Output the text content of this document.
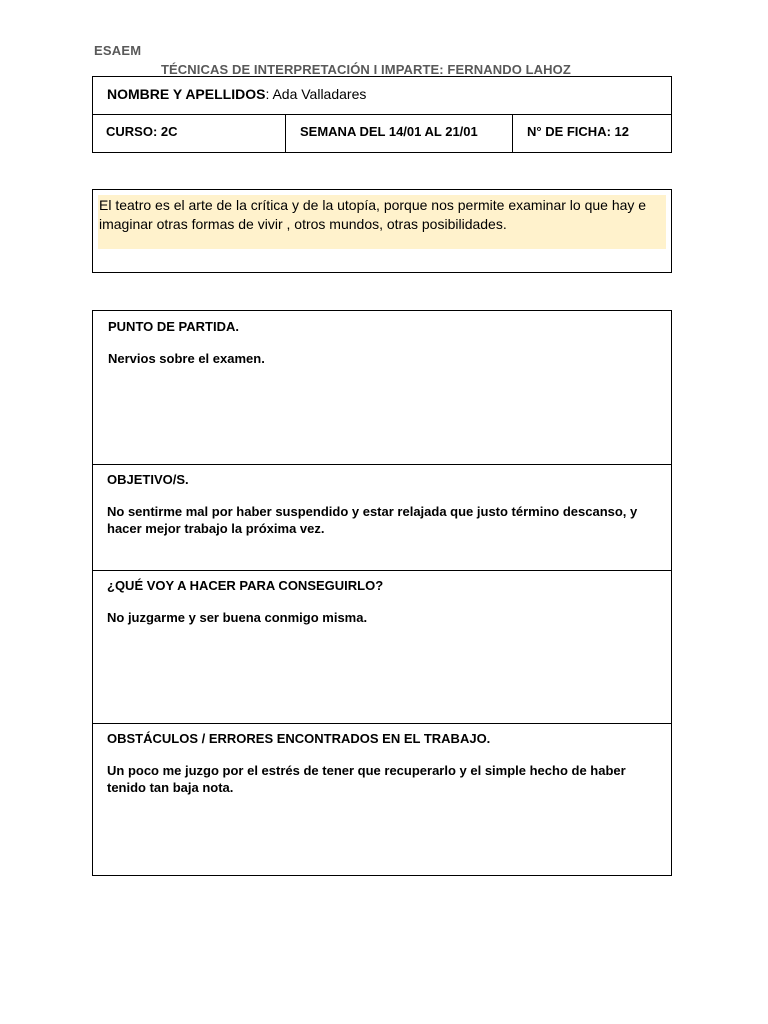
ESAEM
TÉCNICAS DE INTERPRETACIÓN I IMPARTE: FERNANDO LAHOZ
NOMBRE Y APELLIDOS: Ada Valladares
CURSO: 2C	SEMANA DEL 14/01 AL 21/01	N° DE FICHA: 12
El teatro es el arte de la crítica y de la utopía, porque nos permite examinar lo que hay e imaginar otras formas de vivir , otros mundos, otras posibilidades.
PUNTO DE PARTIDA.
Nervios sobre el examen.
OBJETIVO/S.
No sentirme mal por haber suspendido y estar relajada que justo término descanso, y hacer mejor trabajo la próxima vez.
¿QUÉ VOY A HACER PARA CONSEGUIRLO?
No juzgarme y ser buena conmigo misma.
OBSTÁCULOS / ERRORES ENCONTRADOS EN EL TRABAJO.
Un poco me juzgo por el estrés de tener que recuperarlo y el simple hecho de haber tenido tan baja nota.
